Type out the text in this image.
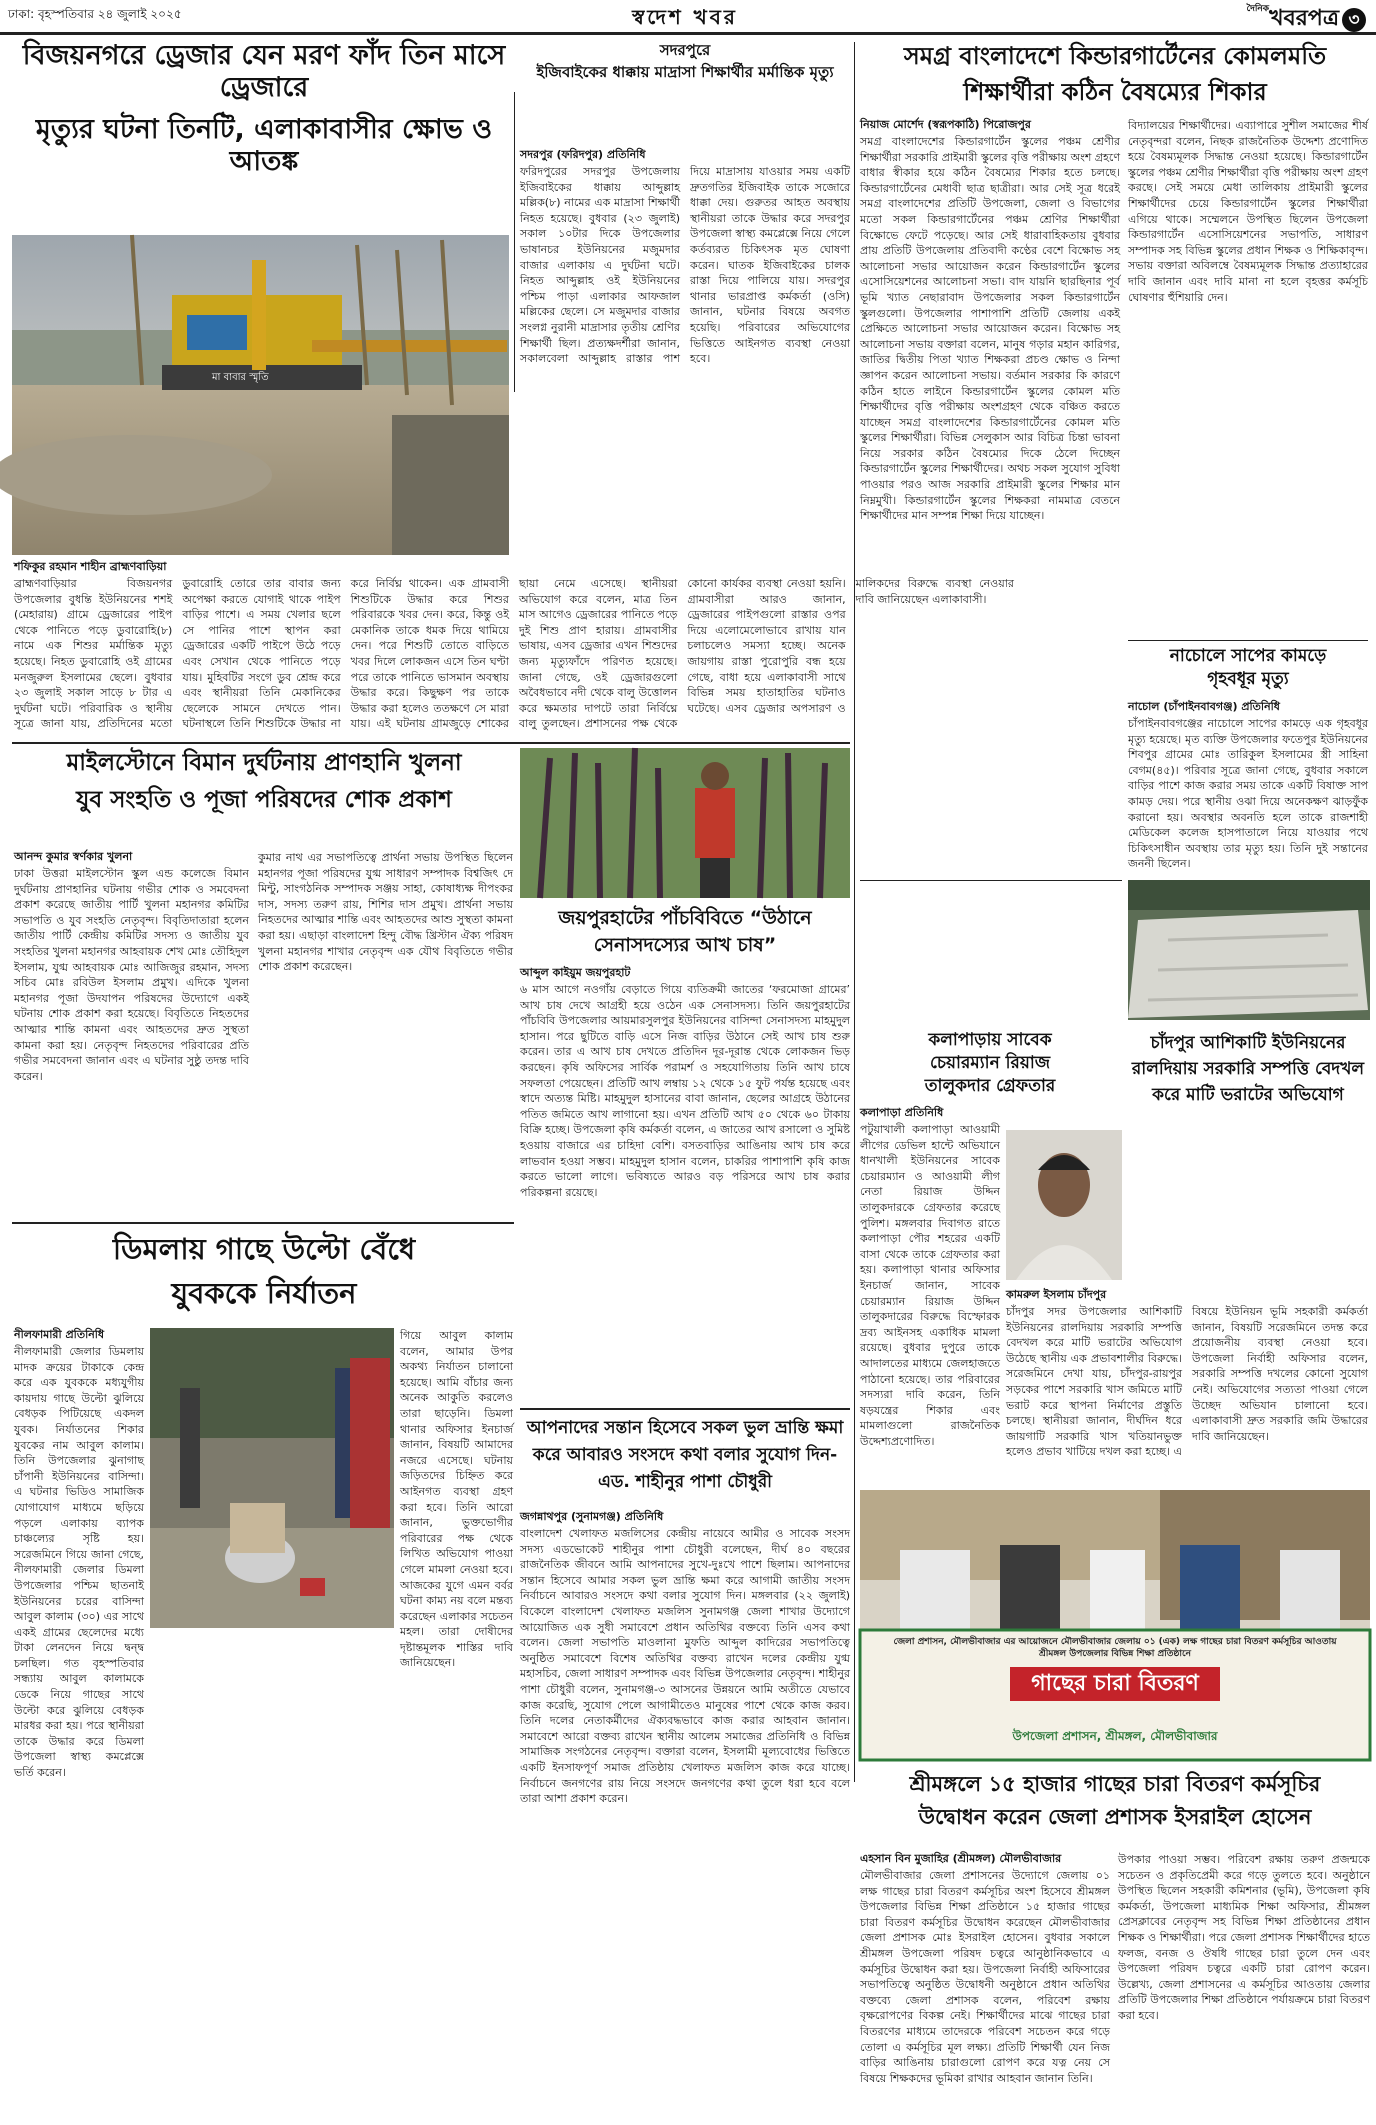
ঢাকা: বৃহস্পতিবার ২৪ জুলাই ২০২৫	স্বদেশ খবর	$^{দৈনিক}$খবরপত্র ৩
বিজয়নগরে ড্রেজার যেন মরণ ফাঁদ তিন মাসে ড্রেজারে
মৃত্যুর ঘটনা তিনটি, এলাকাবাসীর ক্ষোভ ও আতঙ্ক
মা বাবার স্মৃতি
শফিকুর রহমান শাহীন ব্রাহ্মণবাড়িয়া
ব্রাহ্মণবাড়িয়ার বিজয়নগর উপজেলার বুধন্তি ইউনিয়নের শশই (মেহারায়) গ্রামে ড্রেজারের পাইপ থেকে পানিতে পড়ে ডুবারোহি(৮) নামে এক শিশুর মর্মান্তিক মৃত্যু হয়েছে। নিহত ডুবারোহি ওই গ্রামের মনজুরুল ইসলামের ছেলে। বুধবার ২৩ জুলাই সকাল সাড়ে ৮ টার এ দুর্ঘটনা ঘটে। পরিবারিক ও স্থানীয় সূত্রে জানা যায়, প্রতিদিনের মতো ডুবারোহি তোরে তার বাবার জন্য অপেক্ষা করতে যোগাই থাকে পাইপ বাড়ির পাশে। এ সময় খেলার ছলে সে পানির পাশে স্থাপন করা ড্রেজারের একটি পাইপে উঠে পড়ে এবং সেখান থেকে পানিতে পড়ে যায়। মুহিবটির সংগে ডুব শ্রেন্দ্র করে এবং স্থানীয়রা তিনি মেকানিকের ছেলেকে সামনে দেখতে পান। ঘটনাস্থলে তিনি শিশুটিকে উদ্ধার না করে নির্বিঘ্ন থাকেন। এক গ্রামবাসী শিশুটিকে উদ্ধার করে শিশুর পরিবারকে খবর দেন। করে, কিন্তু ওই মেকানিক তাকে ধমক দিয়ে থামিয়ে দেন। পরে শিশুটি তোতে বাড়িতে খবর দিলে লোকজন এসে তিন ঘণ্টা পরে তাকে পানিতে ভাসমান অবস্থায় উদ্ধার করে। কিছুক্ষণ পর তাকে উদ্ধার করা হলেও ততক্ষণে সে মারা যায়। এই ঘটনায় গ্রামজুড়ে শোকের ছায়া নেমে এসেছে। স্থানীয়রা অভিযোগ করে বলেন, মাত্র তিন মাস আগেও ড্রেজারের পানিতে পড়ে দুই শিশু প্রাণ হারায়। গ্রামবাসীর ভাষায়, এসব ড্রেজার এখন শিশুদের জন্য মৃত্যুফাঁদে পরিণত হয়েছে। জানা গেছে, ওই ড্রেজারগুলো অবৈধভাবে নদী থেকে বালু উত্তোলন করে ক্ষমতার দাপটে তারা নির্বিঘ্নে বালু তুলছেন। প্রশাসনের পক্ষ থেকে কোনো কার্যকর ব্যবস্থা নেওয়া হয়নি। গ্রামবাসীরা আরও জানান, ড্রেজারের পাইপগুলো রাস্তার ওপর দিয়ে এলোমেলোভাবে রাখায় যান চলাচলেও সমস্যা হচ্ছে। অনেক জায়গায় রাস্তা পুরোপুরি বন্ধ হয়ে গেছে, বাধা হয়ে এলাকাবাসী সাথে বিভিন্ন সময় হাতাহাতির ঘটনাও ঘটেছে। এসব ড্রেজার অপসারণ ও মালিকদের বিরুদ্ধে ব্যবস্থা নেওয়ার দাবি জানিয়েছেন এলাকাবাসী।
সদরপুরে
ইজিবাইকের ধাক্কায় মাদ্রাসা শিক্ষার্থীর মর্মান্তিক মৃত্যু
সদরপুর (ফরিদপুর) প্রতিনিধি
ফরিদপুরের সদরপুর উপজেলায় ইজিবাইকের ধাক্কায় আব্দুল্লাহ মল্লিক(৮) নামের এক মাদ্রাসা শিক্ষার্থী নিহত হয়েছে। বুধবার (২৩ জুলাই) সকাল ১০টার দিকে উপজেলার ভাষানচর ইউনিয়নের মজুমদার বাজার এলাকায় এ দুর্ঘটনা ঘটে। নিহত আব্দুল্লাহ ওই ইউনিয়নের পশ্চিম পাড়া এলাকার আফজাল মল্লিকের ছেলে। সে মজুমদার বাজার সংলগ্ন নুরানী মাদ্রাসার তৃতীয় শ্রেণির শিক্ষার্থী ছিল। প্রত্যক্ষদর্শীরা জানান, সকালবেলা আব্দুল্লাহ রাস্তার পাশ দিয়ে মাদ্রাসায় যাওয়ার সময় একটি দ্রুতগতির ইজিবাইক তাকে সজোরে ধাক্কা দেয়। গুরুতর আহত অবস্থায় স্থানীয়রা তাকে উদ্ধার করে সদরপুর উপজেলা স্বাস্থ্য কমপ্লেক্সে নিয়ে গেলে কর্তব্যরত চিকিৎসক মৃত ঘোষণা করেন। ঘাতক ইজিবাইকের চালক রাস্তা দিয়ে পালিয়ে যায়। সদরপুর থানার ভারপ্রাপ্ত কর্মকর্তা (ওসি) জানান, ঘটনার বিষয়ে অবগত হয়েছি। পরিবারের অভিযোগের ভিত্তিতে আইনগত ব্যবস্থা নেওয়া হবে।
সমগ্র বাংলাদেশে কিন্ডারগার্টেনের কোমলমতি
শিক্ষার্থীরা কঠিন বৈষম্যের শিকার
নিয়াজ মোর্শেদ (স্বরূপকাঠি) পিরোজপুর
সমগ্র বাংলাদেশের কিন্ডারগার্টেন স্কুলের পঞ্চম শ্রেণীর শিক্ষার্থীরা সরকারি প্রাইমারী স্কুলের বৃত্তি পরীক্ষায় অংশ গ্রহণে বাধার স্বীকার হয়ে কঠিন বৈষম্যের শিকার হতে চলছে। কিন্ডারগার্টেনের মেধাবী ছাত্র ছাত্রীরা। আর সেই সূত্র ধরেই সমগ্র বাংলাদেশের প্রতিটি উপজেলা, জেলা ও বিভাগের মতো সকল কিন্ডারগার্টেনের পঞ্চম শ্রেণির শিক্ষার্থীরা বিক্ষোভে ফেটে পড়েছে। আর সেই ধারাবাহিকতায় বুধবার প্রায় প্রতিটি উপজেলায় প্রতিবাদী কণ্ঠের বেশে বিক্ষোভ সহ আলোচনা সভার আয়োজন করেন কিন্ডারগার্টেন স্কুলের এসোসিয়েশনের আলোচনা সভা। বাদ যায়নি ছারছিনার পূর্ব ভূমি খ্যাত নেছারাবাদ উপজেলার সকল কিন্ডারগার্টেন স্কুলগুলো। উপজেলার পাশাপাশি প্রতিটি জেলায় একই প্রেক্ষিতে আলোচনা সভার আয়োজন করেন। বিক্ষোভ সহ আলোচনা সভায় বক্তারা বলেন, মানুষ গড়ার মহান কারিগর, জাতির দ্বিতীয় পিতা খ্যাত শিক্ষকরা প্রচণ্ড ক্ষোভ ও নিন্দা জ্ঞাপন করেন আলোচনা সভায়। বর্তমান সরকার কি কারণে কঠিন হাতে লাইনে কিন্ডারগার্টেন স্কুলের কোমল মতি শিক্ষার্থীদের বৃত্তি পরীক্ষায় অংশগ্রহণ থেকে বঞ্চিত করতে যাচ্ছেন সমগ্র বাংলাদেশের কিন্ডারগার্টেনের কোমল মতি স্কুলের শিক্ষার্থীরা। বিভিন্ন সেলুকাস আর বিচিত্র চিন্তা ভাবনা নিয়ে সরকার কঠিন বৈষম্যের দিকে ঠেলে দিচ্ছেন কিন্ডারগার্টেন স্কুলের শিক্ষার্থীদের। অথচ সকল সুযোগ সুবিধা পাওয়ার পরও আজ সরকারি প্রাইমারী স্কুলের শিক্ষার মান নিম্নমুখী। কিন্ডারগার্টেন স্কুলের শিক্ষকরা নামমাত্র বেতনে শিক্ষার্থীদের মান সম্পন্ন শিক্ষা দিয়ে যাচ্ছেন।
বিদ্যালয়ের শিক্ষার্থীদের। এব্যাপারে সুশীল সমাজের শীর্ষ নেতৃবৃন্দরা বলেন, নিছক রাজনৈতিক উদ্দেশ্য প্রণোদিত হয়ে বৈষম্যমূলক সিদ্ধান্ত নেওয়া হয়েছে। কিন্ডারগার্টেন স্কুলের পঞ্চম শ্রেণীর শিক্ষার্থীরা বৃত্তি পরীক্ষায় অংশ গ্রহণ করছে। সেই সময়ে মেধা তালিকায় প্রাইমারী স্কুলের শিক্ষার্থীদের চেয়ে কিন্ডারগার্টেন স্কুলের শিক্ষার্থীরা এগিয়ে থাকে। সম্মেলনে উপস্থিত ছিলেন উপজেলা কিন্ডারগার্টেন এসোসিয়েশনের সভাপতি, সাধারণ সম্পাদক সহ বিভিন্ন স্কুলের প্রধান শিক্ষক ও শিক্ষিকাবৃন্দ। সভায় বক্তারা অবিলম্বে বৈষম্যমূলক সিদ্ধান্ত প্রত্যাহারের দাবি জানান এবং দাবি মানা না হলে বৃহত্তর কর্মসূচি ঘোষণার হুঁশিয়ারি দেন।
নাচোলে সাপের কামড়ে
গৃহবধূর মৃত্যু
নাচোল (চাঁপাইনবাবগঞ্জ) প্রতিনিধি
চাঁপাইনবাবগঞ্জের নাচোলে সাপের কামড়ে এক গৃহবধূর মৃত্যু হয়েছে। মৃত ব্যক্তি উপজেলার ফতেপুর ইউনিয়নের শিবপুর গ্রামের মোঃ তারিকুল ইসলামের স্ত্রী সাহিনা বেগম(৪৫)। পরিবার সূত্রে জানা গেছে, বুধবার সকালে বাড়ির পাশে কাজ করার সময় তাকে একটি বিষাক্ত সাপ কামড় দেয়। পরে স্থানীয় ওঝা দিয়ে অনেকক্ষণ ঝাড়ফুঁক করানো হয়। অবস্থার অবনতি হলে তাকে রাজশাহী মেডিকেল কলেজ হাসপাতালে নিয়ে যাওয়ার পথে চিকিৎসাধীন অবস্থায় তার মৃত্যু হয়। তিনি দুই সন্তানের জননী ছিলেন।
মাইলস্টোনে বিমান দুর্ঘটনায় প্রাণহানি খুলনা
যুব সংহতি ও পূজা পরিষদের শোক প্রকাশ
আনন্দ কুমার স্বর্ণকার খুলনা
ঢাকা উত্তরা মাইলস্টোন স্কুল এন্ড কলেজে বিমান দুর্ঘটনায় প্রাণহানির ঘটনায় গভীর শোক ও সমবেদনা প্রকাশ করেছে জাতীয় পার্টি খুলনা মহানগর কমিটির সভাপতি ও যুব সংহতি নেতৃবৃন্দ। বিবৃতিদাতারা হলেন জাতীয় পার্টি কেন্দ্রীয় কমিটির সদস্য ও জাতীয় যুব সংহতির খুলনা মহানগর আহবায়ক শেখ মোঃ তৌহিদুল ইসলাম, যুগ্ম আহবায়ক মোঃ আজিজুর রহমান, সদস্য সচিব মোঃ রবিউল ইসলাম প্রমুখ। এদিকে খুলনা মহানগর পূজা উদযাপন পরিষদের উদ্যোগে একই ঘটনায় শোক প্রকাশ করা হয়েছে। বিবৃতিতে নিহতদের আত্মার শান্তি কামনা এবং আহতদের দ্রুত সুস্থতা কামনা করা হয়। নেতৃবৃন্দ নিহতদের পরিবারের প্রতি গভীর সমবেদনা জানান এবং এ ঘটনার সুষ্ঠু তদন্ত দাবি করেন।
কুমার নাথ এর সভাপতিত্বে প্রার্থনা সভায় উপস্থিত ছিলেন মহানগর পূজা পরিষদের যুগ্ম সাধারণ সম্পাদক বিশ্বজিৎ দে মিন্টু, সাংগঠনিক সম্পাদক সঞ্জয় সাহা, কোষাধ্যক্ষ দীপংকর দাস, সদস্য তরুণ রায়, শিশির দাস প্রমুখ। প্রার্থনা সভায় নিহতদের আত্মার শান্তি এবং আহতদের আশু সুস্থতা কামনা করা হয়। এছাড়া বাংলাদেশ হিন্দু বৌদ্ধ খ্রিস্টান ঐক্য পরিষদ খুলনা মহানগর শাখার নেতৃবৃন্দ এক যৌথ বিবৃতিতে গভীর শোক প্রকাশ করেছেন।
জয়পুরহাটের পাঁচবিবিতে “উঠানে সেনাসদস্যের আখ চাষ”
আব্দুল কাইয়ুম জয়পুরহাট
৬ মাস আগে নওগাঁয় বেড়াতে গিয়ে ব্যতিক্রমী জাতের ‘ফরমোজা গ্রামের’ আখ চাষ দেখে আগ্রহী হয়ে ওঠেন এক সেনাসদস্য। তিনি জয়পুরহাটের পাঁচবিবি উপজেলার আয়মারসুলপুর ইউনিয়নের বাসিন্দা সেনাসদস্য মাহমুদুল হাসান। পরে ছুটিতে বাড়ি এসে নিজ বাড়ির উঠানে সেই আখ চাষ শুরু করেন। তার এ আখ চাষ দেখতে প্রতিদিন দূর-দূরান্ত থেকে লোকজন ভিড় করছেন। কৃষি অফিসের সার্বিক পরামর্শ ও সহযোগিতায় তিনি আখ চাষে সফলতা পেয়েছেন। প্রতিটি আখ লম্বায় ১২ থেকে ১৫ ফুট পর্যন্ত হয়েছে এবং স্বাদে অত্যন্ত মিষ্টি। মাহমুদুল হাসানের বাবা জানান, ছেলের আগ্রহে উঠানের পতিত জমিতে আখ লাগানো হয়। এখন প্রতিটি আখ ৫০ থেকে ৬০ টাকায় বিক্রি হচ্ছে। উপজেলা কৃষি কর্মকর্তা বলেন, এ জাতের আখ রসালো ও সুমিষ্ট হওয়ায় বাজারে এর চাহিদা বেশি। বসতবাড়ির আঙিনায় আখ চাষ করে লাভবান হওয়া সম্ভব। মাহমুদুল হাসান বলেন, চাকরির পাশাপাশি কৃষি কাজ করতে ভালো লাগে। ভবিষ্যতে আরও বড় পরিসরে আখ চাষ করার পরিকল্পনা রয়েছে।
ডিমলায় গাছে উল্টো বেঁধে
যুবককে নির্যাতন
নীলফামারী প্রতিনিধি
নীলফামারী জেলার ডিমলায় মাদক ক্রয়ের টাকাকে কেন্দ্র করে এক যুবককে মধ্যযুগীয় কায়দায় গাছে উল্টো ঝুলিয়ে বেধড়ক পিটিয়েছে একদল যুবক। নির্যাতনের শিকার যুবকের নাম আবুল কালাম। তিনি উপজেলার ঝুনাগাছ চাঁপানী ইউনিয়নের বাসিন্দা। এ ঘটনার ভিডিও সামাজিক যোগাযোগ মাধ্যমে ছড়িয়ে পড়লে এলাকায় ব্যাপক চাঞ্চল্যের সৃষ্টি হয়। সরেজমিনে গিয়ে জানা গেছে, নীলফামারী জেলার ডিমলা উপজেলার পশ্চিম ছাতনাই ইউনিয়নের চরের বাসিন্দা আবুল কালাম (৩০) এর সাথে একই গ্রামের ছেলেদের মধ্যে টাকা লেনদেন নিয়ে দ্বন্দ্ব চলছিল। গত বৃহস্পতিবার সন্ধ্যায় আবুল কালামকে ডেকে নিয়ে গাছের সাথে উল্টো করে ঝুলিয়ে বেধড়ক মারধর করা হয়। পরে স্থানীয়রা তাকে উদ্ধার করে ডিমলা উপজেলা স্বাস্থ্য কমপ্লেক্সে ভর্তি করেন।
গিয়ে আবুল কালাম বলেন, আমার উপর অকথ্য নির্যাতন চালানো হয়েছে। আমি বাঁচার জন্য অনেক আকুতি করলেও তারা ছাড়েনি। ডিমলা থানার অফিসার ইনচার্জ জানান, বিষয়টি আমাদের নজরে এসেছে। ঘটনায় জড়িতদের চিহ্নিত করে আইনগত ব্যবস্থা গ্রহণ করা হবে। তিনি আরো জানান, ভুক্তভোগীর পরিবারের পক্ষ থেকে লিখিত অভিযোগ পাওয়া গেলে মামলা নেওয়া হবে। আজকের যুগে এমন বর্বর ঘটনা কাম্য নয় বলে মন্তব্য করেছেন এলাকার সচেতন মহল। তারা দোষীদের দৃষ্টান্তমূলক শাস্তির দাবি জানিয়েছেন।
আপনাদের সন্তান হিসেবে সকল ভুল ভ্রান্তি ক্ষমা করে আবারও সংসদে কথা বলার সুযোগ দিন-এড. শাহীনুর পাশা চৌধুরী
জগন্নাথপুর (সুনামগঞ্জ) প্রতিনিধি
বাংলাদেশ খেলাফত মজলিসের কেন্দ্রীয় নায়েবে আমীর ও সাবেক সংসদ সদস্য এডভোকেট শাহীনুর পাশা চৌধুরী বলেছেন, দীর্ঘ ৪০ বছরের রাজনৈতিক জীবনে আমি আপনাদের সুখে-দুঃখে পাশে ছিলাম। আপনাদের সন্তান হিসেবে আমার সকল ভুল ভ্রান্তি ক্ষমা করে আগামী জাতীয় সংসদ নির্বাচনে আবারও সংসদে কথা বলার সুযোগ দিন। মঙ্গলবার (২২ জুলাই) বিকেলে বাংলাদেশ খেলাফত মজলিস সুনামগঞ্জ জেলা শাখার উদ্যোগে আয়োজিত এক সুধী সমাবেশে প্রধান অতিথির বক্তব্যে তিনি এসব কথা বলেন। জেলা সভাপতি মাওলানা মুফতি আব্দুল কাদিরের সভাপতিত্বে অনুষ্ঠিত সমাবেশে বিশেষ অতিথির বক্তব্য রাখেন দলের কেন্দ্রীয় যুগ্ম মহাসচিব, জেলা সাধারণ সম্পাদক এবং বিভিন্ন উপজেলার নেতৃবৃন্দ। শাহীনুর পাশা চৌধুরী বলেন, সুনামগঞ্জ-৩ আসনের উন্নয়নে আমি অতীতে যেভাবে কাজ করেছি, সুযোগ পেলে আগামীতেও মানুষের পাশে থেকে কাজ করব। তিনি দলের নেতাকর্মীদের ঐক্যবদ্ধভাবে কাজ করার আহবান জানান। সমাবেশে আরো বক্তব্য রাখেন স্থানীয় আলেম সমাজের প্রতিনিধি ও বিভিন্ন সামাজিক সংগঠনের নেতৃবৃন্দ। বক্তারা বলেন, ইসলামী মূল্যবোধের ভিত্তিতে একটি ইনসাফপূর্ণ সমাজ প্রতিষ্ঠায় খেলাফত মজলিস কাজ করে যাচ্ছে। নির্বাচনে জনগণের রায় নিয়ে সংসদে জনগণের কথা তুলে ধরা হবে বলে তারা আশা প্রকাশ করেন।
কলাপাড়ায় সাবেক
চেয়ারম্যান রিয়াজ
তালুকদার গ্রেফতার
কলাপাড়া প্রতিনিধি
পটুয়াখালী কলাপাড়া আওয়ামী লীগের ডেভিল হান্টে অভিযানে ধানখালী ইউনিয়নের সাবেক চেয়ারম্যান ও আওয়ামী লীগ নেতা রিয়াজ উদ্দিন তালুকদারকে গ্রেফতার করেছে পুলিশ। মঙ্গলবার দিবাগত রাতে কলাপাড়া পৌর শহরের একটি বাসা থেকে তাকে গ্রেফতার করা হয়। কলাপাড়া থানার অফিসার ইনচার্জ জানান, সাবেক চেয়ারম্যান রিয়াজ উদ্দিন তালুকদারের বিরুদ্ধে বিস্ফোরক দ্রব্য আইনসহ একাধিক মামলা রয়েছে। বুধবার দুপুরে তাকে আদালতের মাধ্যমে জেলহাজতে পাঠানো হয়েছে। তার পরিবারের সদস্যরা দাবি করেন, তিনি ষড়যন্ত্রের শিকার এবং মামলাগুলো রাজনৈতিক উদ্দেশ্যপ্রণোদিত।
চাঁদপুর আশিকাটি ইউনিয়নের রালদিয়ায় সরকারি সম্পত্তি বেদখল করে মাটি ভরাটের অভিযোগ
কামরুল ইসলাম চাঁদপুর
চাঁদপুর সদর উপজেলার আশিকাটি ইউনিয়নের রালদিয়ায় সরকারি সম্পত্তি বেদখল করে মাটি ভরাটের অভিযোগ উঠেছে স্থানীয় এক প্রভাবশালীর বিরুদ্ধে। সরেজমিনে দেখা যায়, চাঁদপুর-রায়পুর সড়কের পাশে সরকারি খাস জমিতে মাটি ভরাট করে স্থাপনা নির্মাণের প্রস্তুতি চলছে। স্থানীয়রা জানান, দীর্ঘদিন ধরে জায়গাটি সরকারি খাস খতিয়ানভুক্ত হলেও প্রভাব খাটিয়ে দখল করা হচ্ছে। এ বিষয়ে ইউনিয়ন ভূমি সহকারী কর্মকর্তা জানান, বিষয়টি সরেজমিনে তদন্ত করে প্রয়োজনীয় ব্যবস্থা নেওয়া হবে। উপজেলা নির্বাহী অফিসার বলেন, সরকারি সম্পত্তি দখলের কোনো সুযোগ নেই। অভিযোগের সত্যতা পাওয়া গেলে উচ্ছেদ অভিযান চালানো হবে। এলাকাবাসী দ্রুত সরকারি জমি উদ্ধারের দাবি জানিয়েছেন।
জেলা প্রশাসন, মৌলভীবাজার এর আয়োজনে মৌলভীবাজার জেলায় ০১ (এক) লক্ষ গাছের চারা বিতরণ কর্মসূচির আওতায় শ্রীমঙ্গল উপজেলার বিভিন্ন শিক্ষা প্রতিষ্ঠানে
গাছের চারা বিতরণ
উপজেলা প্রশাসন, শ্রীমঙ্গল, মৌলভীবাজার
শ্রীমঙ্গলে ১৫ হাজার গাছের চারা বিতরণ কর্মসূচির
উদ্বোধন করেন জেলা প্রশাসক ইসরাইল হোসেন
এহসান বিন মুজাহির (শ্রীমঙ্গল) মৌলভীবাজার
মৌলভীবাজার জেলা প্রশাসনের উদ্যোগে জেলায় ০১ লক্ষ গাছের চারা বিতরণ কর্মসূচির অংশ হিসেবে শ্রীমঙ্গল উপজেলার বিভিন্ন শিক্ষা প্রতিষ্ঠানে ১৫ হাজার গাছের চারা বিতরণ কর্মসূচির উদ্বোধন করেছেন মৌলভীবাজার জেলা প্রশাসক মোঃ ইসরাইল হোসেন। বুধবার সকালে শ্রীমঙ্গল উপজেলা পরিষদ চত্বরে আনুষ্ঠানিকভাবে এ কর্মসূচির উদ্বোধন করা হয়। উপজেলা নির্বাহী অফিসারের সভাপতিত্বে অনুষ্ঠিত উদ্বোধনী অনুষ্ঠানে প্রধান অতিথির বক্তব্যে জেলা প্রশাসক বলেন, পরিবেশ রক্ষায় বৃক্ষরোপণের বিকল্প নেই। শিক্ষার্থীদের মাঝে গাছের চারা বিতরণের মাধ্যমে তাদেরকে পরিবেশ সচেতন করে গড়ে তোলা এ কর্মসূচির মূল লক্ষ্য। প্রতিটি শিক্ষার্থী যেন নিজ বাড়ির আঙিনায় চারাগুলো রোপণ করে যত্ন নেয় সে বিষয়ে শিক্ষকদের ভূমিকা রাখার আহবান জানান তিনি।
উপকার পাওয়া সম্ভব। পরিবেশ রক্ষায় তরুণ প্রজন্মকে সচেতন ও প্রকৃতিপ্রেমী করে গড়ে তুলতে হবে। অনুষ্ঠানে উপস্থিত ছিলেন সহকারী কমিশনার (ভূমি), উপজেলা কৃষি কর্মকর্তা, উপজেলা মাধ্যমিক শিক্ষা অফিসার, শ্রীমঙ্গল প্রেসক্লাবের নেতৃবৃন্দ সহ বিভিন্ন শিক্ষা প্রতিষ্ঠানের প্রধান শিক্ষক ও শিক্ষার্থীরা। পরে জেলা প্রশাসক শিক্ষার্থীদের হাতে ফলজ, বনজ ও ঔষধি গাছের চারা তুলে দেন এবং উপজেলা পরিষদ চত্বরে একটি চারা রোপণ করেন। উল্লেখ্য, জেলা প্রশাসনের এ কর্মসূচির আওতায় জেলার প্রতিটি উপজেলার শিক্ষা প্রতিষ্ঠানে পর্যায়ক্রমে চারা বিতরণ করা হবে।
